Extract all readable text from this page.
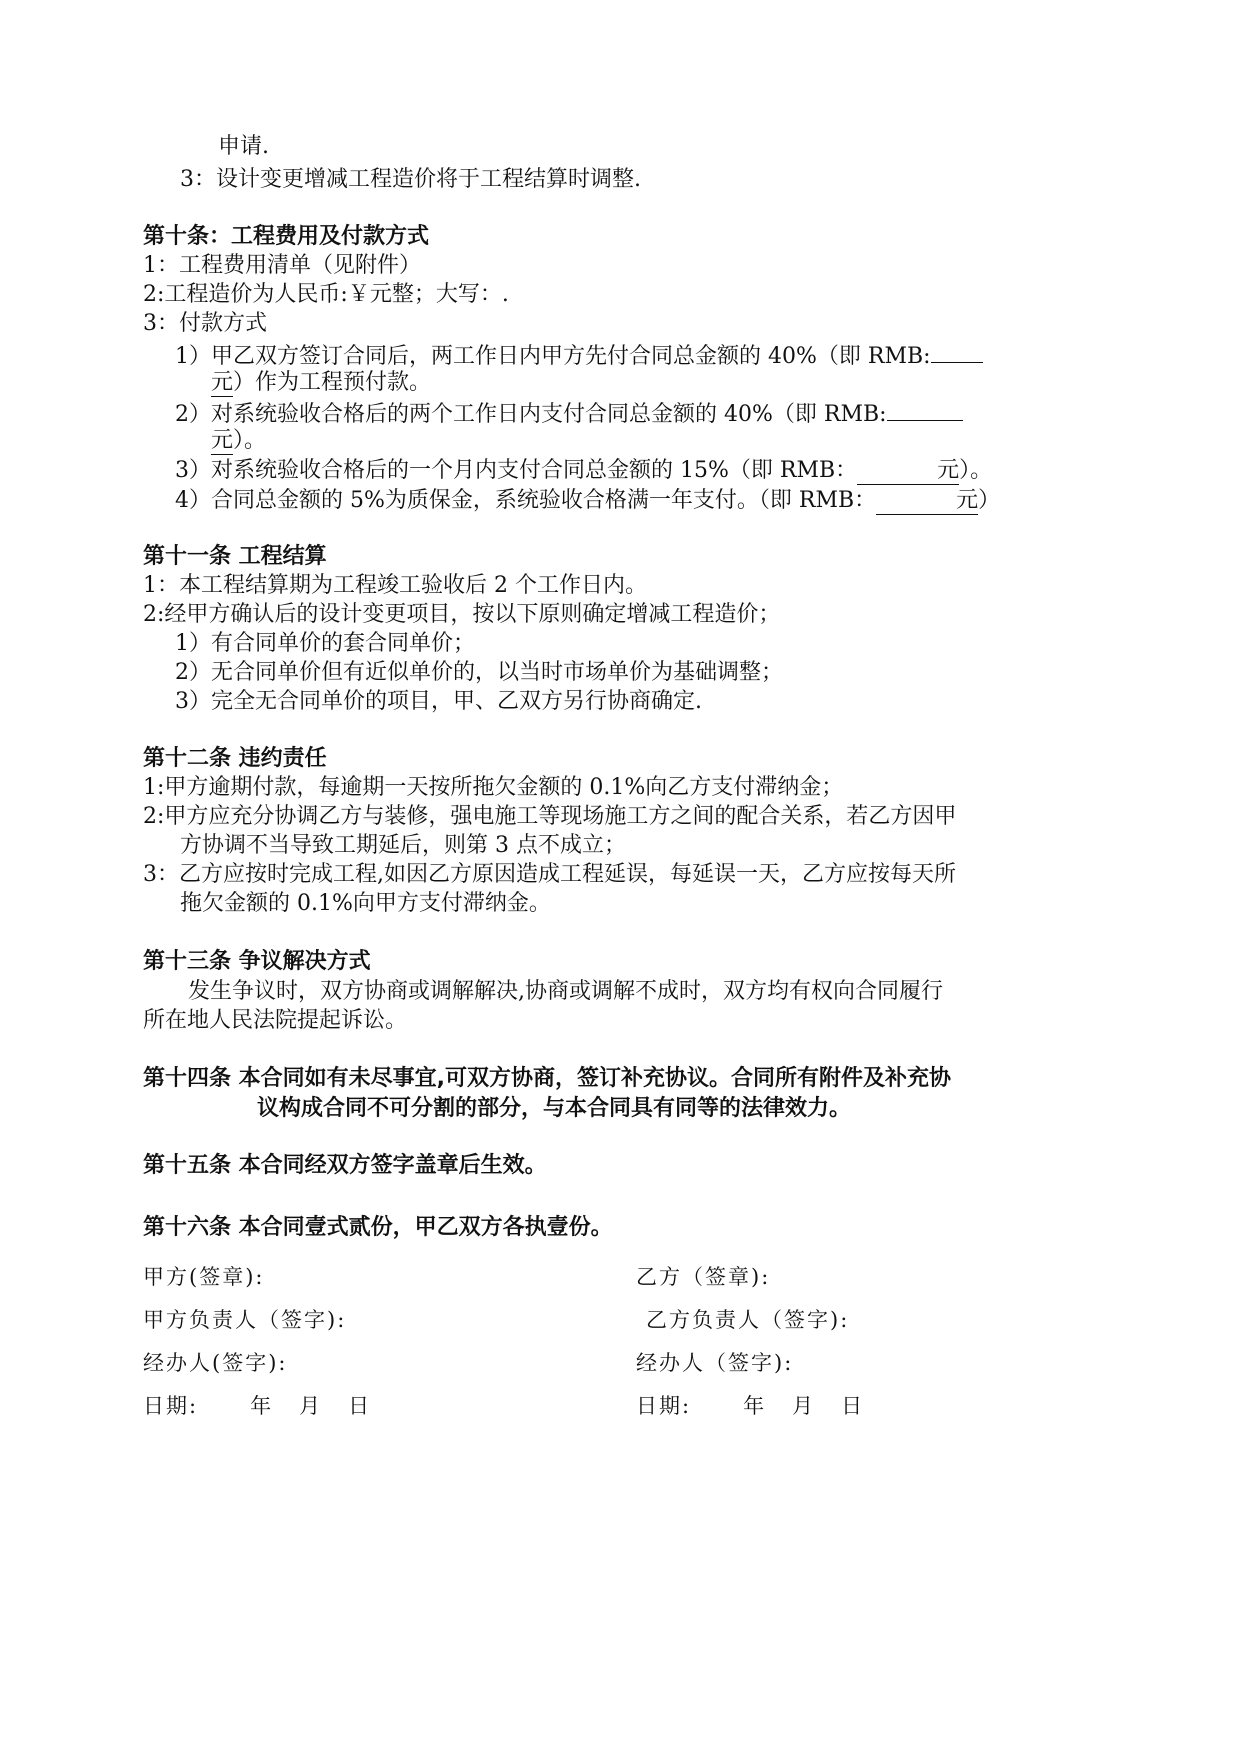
申请.
3：设计变更增减工程造价将于工程结算时调整.
第十条：工程费用及付款方式
1：工程费用清单（见附件）
2:工程造价为人民币:￥元整；大写：.
3：付款方式
1）甲乙双方签订合同后，两工作日内甲方先付合同总金额的 40%（即 RMB:
元）作为工程预付款。
2）对系统验收合格后的两个工作日内支付合同总金额的 40%（即 RMB:
元）。
3）对系统验收合格后的一个月内支付合同总金额的 15%（即 RMB：	元）。
4）合同总金额的 5%为质保金，系统验收合格满一年支付。（即 RMB：	元）
第十一条 工程结算
1：本工程结算期为工程竣工验收后 2 个工作日内。
2:经甲方确认后的设计变更项目，按以下原则确定增减工程造价；
1）有合同单价的套合同单价；
2）无合同单价但有近似单价的，以当时市场单价为基础调整；
3）完全无合同单价的项目，甲、乙双方另行协商确定.
第十二条 违约责任
1:甲方逾期付款，每逾期一天按所拖欠金额的 0.1%向乙方支付滞纳金；
2:甲方应充分协调乙方与装修，强电施工等现场施工方之间的配合关系，若乙方因甲
方协调不当导致工期延后，则第 3 点不成立；
3：乙方应按时完成工程,如因乙方原因造成工程延误，每延误一天，乙方应按每天所
拖欠金额的 0.1%向甲方支付滞纳金。
第十三条 争议解决方式
发生争议时，双方协商或调解解决,协商或调解不成时，双方均有权向合同履行
所在地人民法院提起诉讼。
第十四条 本合同如有未尽事宜,可双方协商，签订补充协议。合同所有附件及补充协
议构成合同不可分割的部分，与本合同具有同等的法律效力。
第十五条 本合同经双方签字盖章后生效。
第十六条 本合同壹式贰份，甲乙双方各执壹份。
甲方(签章):	乙方（签章):
甲方负责人（签字):	乙方负责人（签字):
经办人(签字):	经办人（签字):
日期:      年   月   日	日期:      年   月   日
